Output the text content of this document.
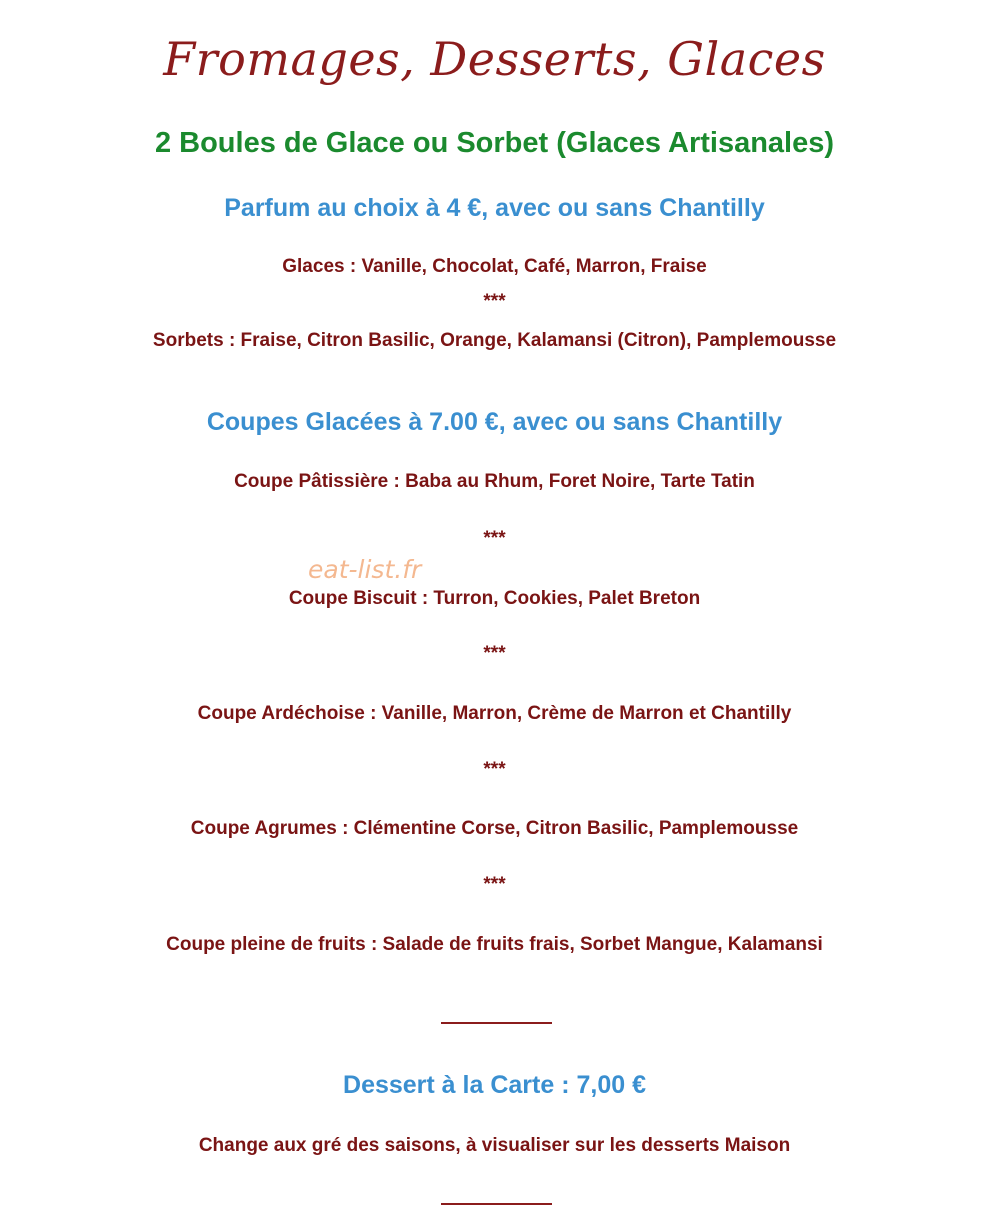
Fromages, Desserts, Glaces
2 Boules de Glace ou Sorbet (Glaces Artisanales)
Parfum au choix à 4 €, avec ou sans Chantilly
Glaces : Vanille, Chocolat, Café, Marron, Fraise
***
Sorbets : Fraise, Citron Basilic, Orange, Kalamansi (Citron), Pamplemousse
Coupes Glacées à 7.00 €, avec ou sans Chantilly
Coupe Pâtissière : Baba au Rhum, Foret Noire, Tarte Tatin
***
Coupe Biscuit : Turron, Cookies, Palet Breton
***
Coupe Ardéchoise : Vanille, Marron, Crème de Marron et Chantilly
***
Coupe Agrumes : Clémentine Corse, Citron Basilic, Pamplemousse
***
Coupe pleine de fruits : Salade de fruits frais, Sorbet Mangue, Kalamansi
Dessert à la Carte : 7,00 €
Change aux gré des saisons, à visualiser sur les desserts Maison
eat-list.fr
